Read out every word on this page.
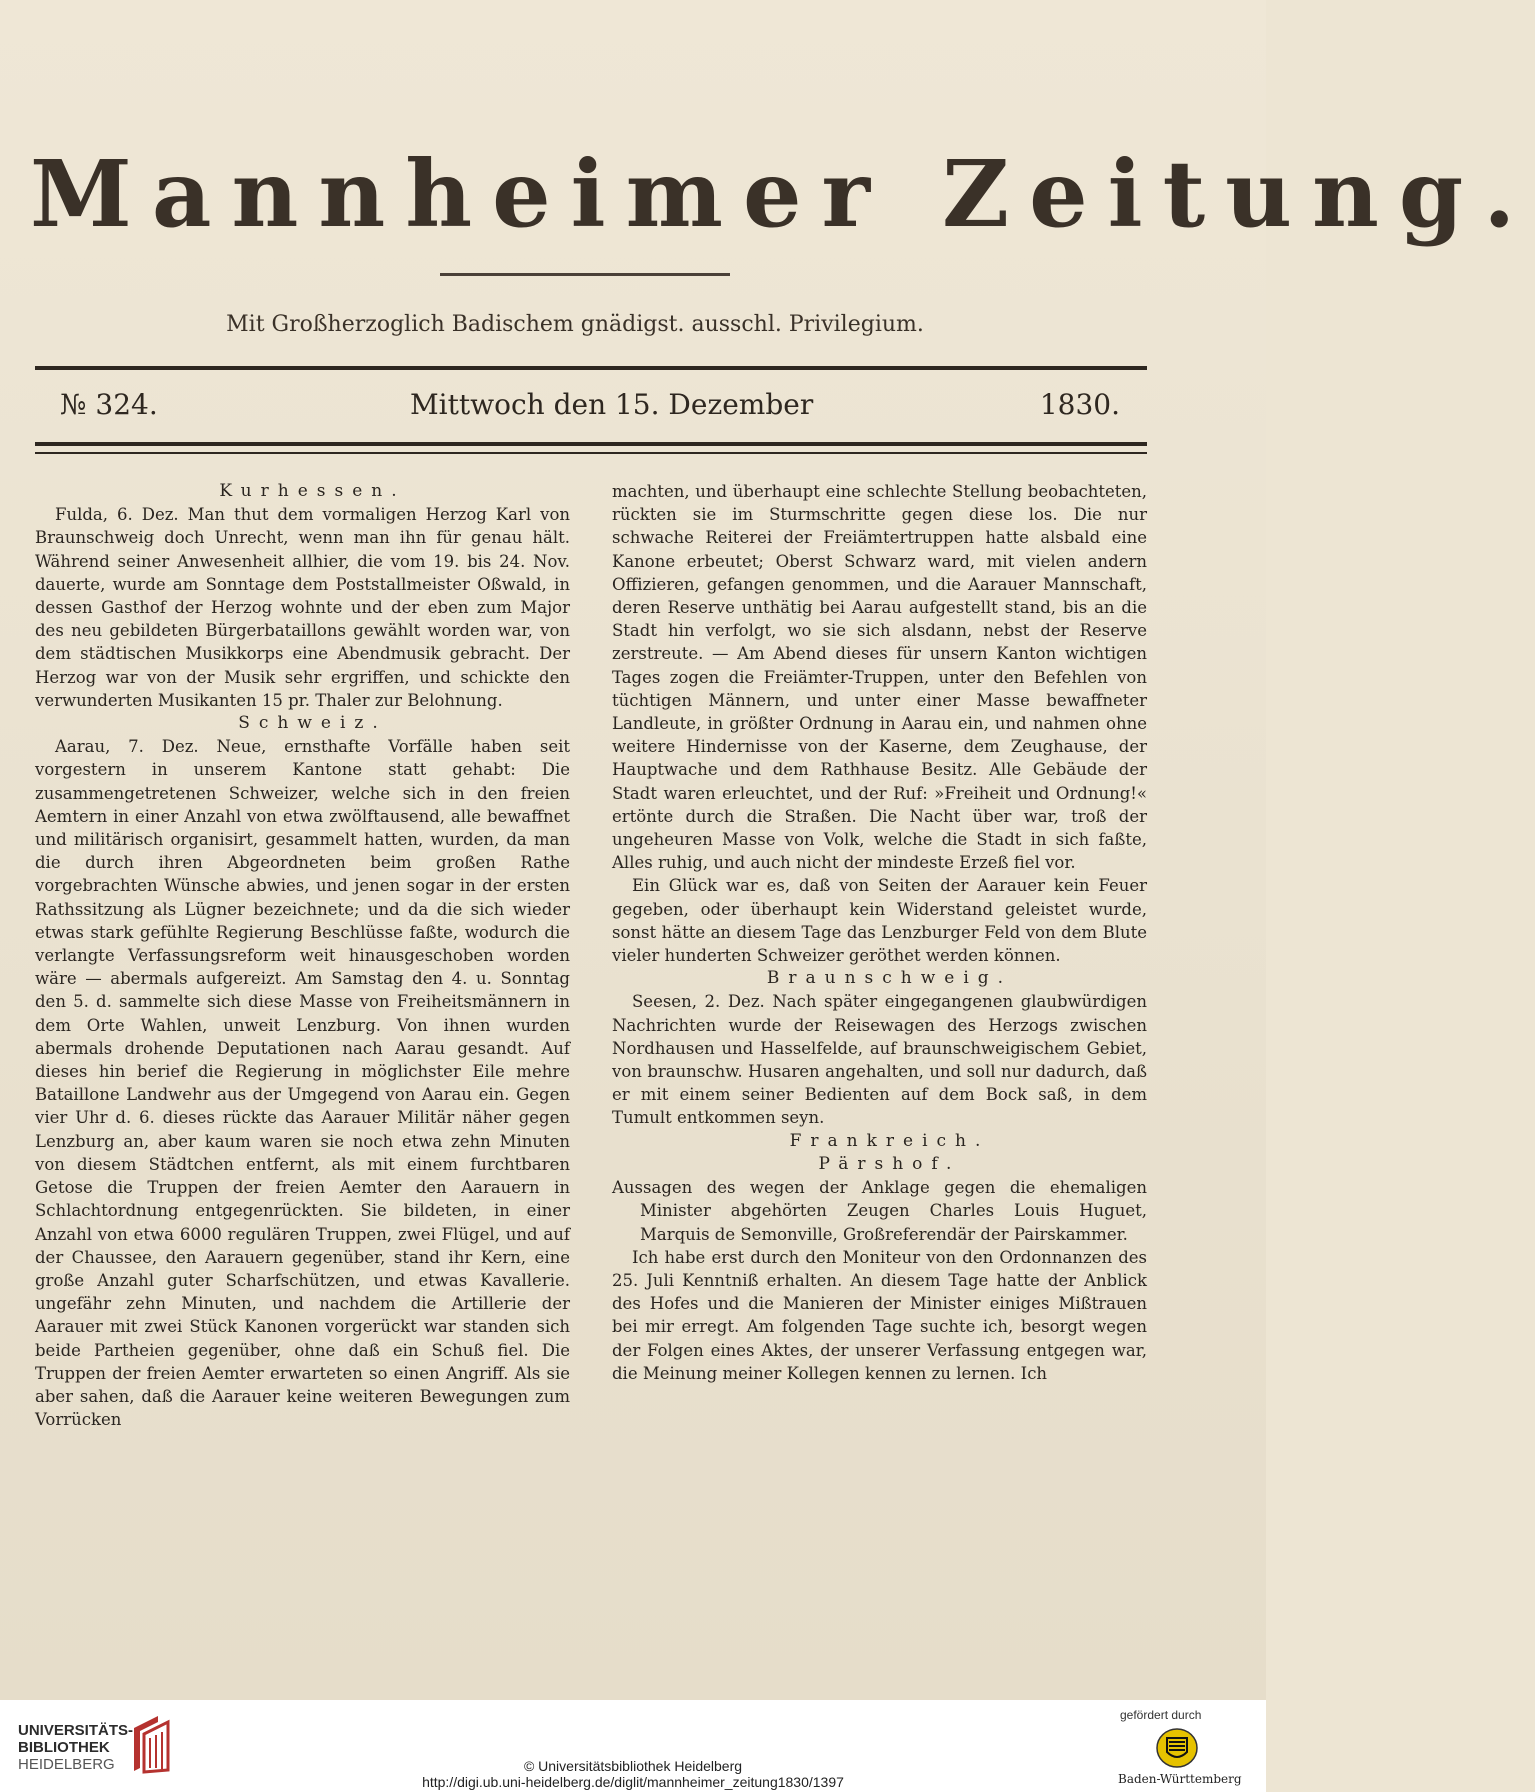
Mannheimer Zeitung.
Mit Großherzoglich Badischem gnädigst. ausschl. Privilegium.
№ 324.	Mittwoch den 15. Dezember	1830.

Kurhessen.

Fulda, 6. Dez. Man thut dem vormaligen Herzog Karl von Braunschweig doch Unrecht, wenn man ihn für genau hält. Während seiner Anwesenheit allhier, die vom 19. bis 24. Nov. dauerte, wurde am Sonntage dem Poststallmeister Oßwald, in dessen Gasthof der Herzog wohnte und der eben zum Major des neu gebildeten Bürgerbataillons gewählt worden war, von dem städtischen Musikkorps eine Abendmusik gebracht. Der Herzog war von der Musik sehr ergriffen, und schickte den verwunderten Musikanten 15 pr. Thaler zur Belohnung.

Schweiz.

Aarau, 7. Dez. Neue, ernsthafte Vorfälle haben seit vorgestern in unserem Kantone statt gehabt: Die zusammengetretenen Schweizer, welche sich in den freien Aemtern in einer Anzahl von etwa zwölftausend, alle bewaffnet und militärisch organisirt, gesammelt hatten, wurden, da man die durch ihren Abgeordneten beim großen Rathe vorgebrachten Wünsche abwies, und jenen sogar in der ersten Rathssitzung als Lügner bezeichnete; und da die sich wieder etwas stark gefühlte Regierung Beschlüsse faßte, wodurch die verlangte Verfassungsreform weit hinausgeschoben worden wäre — abermals aufgereizt. Am Samstag den 4. u. Sonntag den 5. d. sammelte sich diese Masse von Freiheitsmännern in dem Orte Wahlen, unweit Lenzburg. Von ihnen wurden abermals drohende Deputationen nach Aarau gesandt. Auf dieses hin berief die Regierung in möglichster Eile mehre Bataillone Landwehr aus der Umgegend von Aarau ein. Gegen vier Uhr d. 6. dieses rückte das Aarauer Militär näher gegen Lenzburg an, aber kaum waren sie noch etwa zehn Minuten von diesem Städtchen entfernt, als mit einem furchtbaren Getose die Truppen der freien Aemter den Aarauern in Schlachtordnung entgegenrückten. Sie bildeten, in einer Anzahl von etwa 6000 regulären Truppen, zwei Flügel, und auf der Chaussee, den Aarauern gegenüber, stand ihr Kern, eine große Anzahl guter Scharfschützen, und etwas Kavallerie. ungefähr zehn Minuten, und nachdem die Artillerie der Aarauer mit zwei Stück Kanonen vorgerückt war standen sich beide Partheien gegenüber, ohne daß ein Schuß fiel. Die Truppen der freien Aemter erwarteten so einen Angriff. Als sie aber sahen, daß die Aarauer keine weiteren Bewegungen zum Vorrücken

machten, und überhaupt eine schlechte Stellung beobachteten, rückten sie im Sturmschritte gegen diese los. Die nur schwache Reiterei der Freiämtertruppen hatte alsbald eine Kanone erbeutet; Oberst Schwarz ward, mit vielen andern Offizieren, gefangen genommen, und die Aarauer Mannschaft, deren Reserve unthätig bei Aarau aufgestellt stand, bis an die Stadt hin verfolgt, wo sie sich alsdann, nebst der Reserve zerstreute. — Am Abend dieses für unsern Kanton wichtigen Tages zogen die Freiämter-Truppen, unter den Befehlen von tüchtigen Männern, und unter einer Masse bewaffneter Landleute, in größter Ordnung in Aarau ein, und nahmen ohne weitere Hindernisse von der Kaserne, dem Zeughause, der Hauptwache und dem Rathhause Besitz. Alle Gebäude der Stadt waren erleuchtet, und der Ruf: »Freiheit und Ordnung!« ertönte durch die Straßen. Die Nacht über war, troß der ungeheuren Masse von Volk, welche die Stadt in sich faßte, Alles ruhig, und auch nicht der mindeste Erzeß fiel vor.

Ein Glück war es, daß von Seiten der Aarauer kein Feuer gegeben, oder überhaupt kein Widerstand geleistet wurde, sonst hätte an diesem Tage das Lenzburger Feld von dem Blute vieler hunderten Schweizer geröthet werden können.

Braunschweig.

Seesen, 2. Dez. Nach später eingegangenen glaubwürdigen Nachrichten wurde der Reisewagen des Herzogs zwischen Nordhausen und Hasselfelde, auf braunschweigischem Gebiet, von braunschw. Husaren angehalten, und soll nur dadurch, daß er mit einem seiner Bedienten auf dem Bock saß, in dem Tumult entkommen seyn.

Frankreich.

Pärshof.

Aussagen des wegen der Anklage gegen die ehemaligen Minister abgehörten Zeugen Charles Louis Huguet, Marquis de Semonville, Großreferendär der Pairskammer.

Ich habe erst durch den Moniteur von den Ordonnanzen des 25. Juli Kenntniß erhalten. An diesem Tage hatte der Anblick des Hofes und die Manieren der Minister einiges Mißtrauen bei mir erregt. Am folgenden Tage suchte ich, besorgt wegen der Folgen eines Aktes, der unserer Verfassung entgegen war, die Meinung meiner Kollegen kennen zu lernen. Ich

UNIVERSITÄTS-
BIBLIOTHEK
HEIDELBERG	© Universitätsbibliothek Heidelberg
http://digi.ub.uni-heidelberg.de/diglit/mannheimer_zeitung1830/1397
gefördert durch
Baden-Württemberg
